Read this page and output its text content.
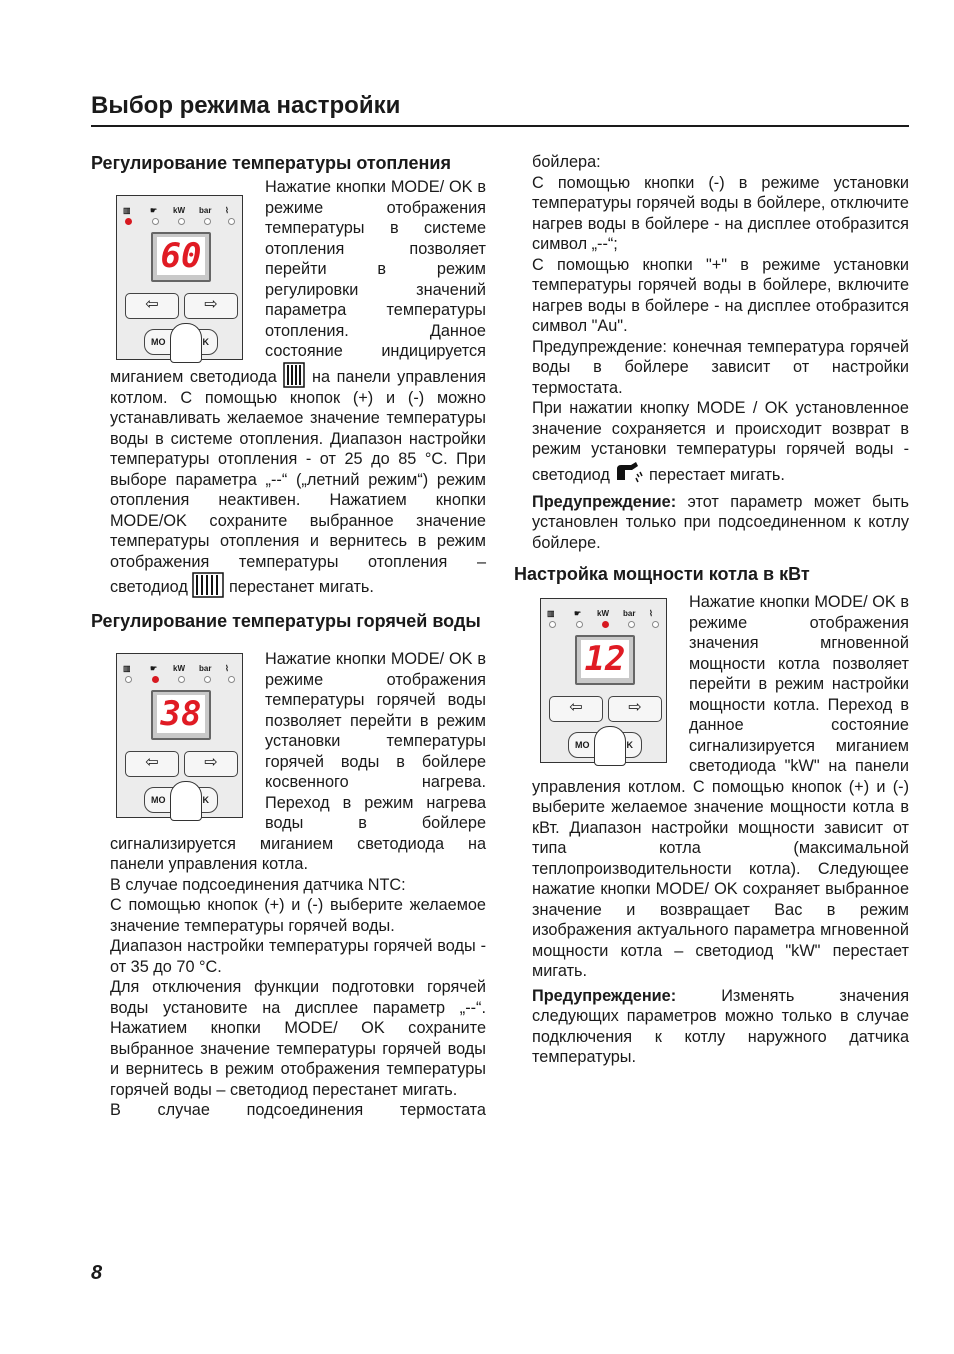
Выбор режима настройки

Регулирование температуры отопления

▥ ☛ kW bar ⌇
60
⇦	⇨
MO	K

Нажатие кнопки MODE/ OK в режиме отображения температуры в системе отопления позволяет перейти в режим регулировки значений параметра температуры отопления. Данное состояние индицируется миганием светодиода на панели управления котлом. С помощью кнопок (+) и (-) можно устанавливать желаемое значение температуры воды в системе отопления. Диапазон настройки температуры отопления - от 25 до 85 °C. При выборе параметра „--“ („летний режим“) режим отопления неактивен. Нажатием кнопки MODE/OK сохраните выбранное значение температуры отопления и вернитесь в режим отображения температуры отопления – светодиод	перестанет мигать.

Регулирование температуры горячей воды

▥ ☛ kW bar ⌇
38
⇦	⇨
MO	K

Нажатие кнопки MODE/ OK в режиме отображения температуры горячей воды позволяет перейти в режим установки температуры горячей воды в бойлере косвенного нагрева. Переход в режим нагрева воды в бойлере сигнализируется миганием светодиода на панели управления котла.

В случае подсоединения датчика NTC:

С помощью кнопок (+) и (-) выберите желаемое значение температуры горячей воды.

Диапазон настройки температуры горячей воды - от 35 до 70 °C.

Для отключения функции подготовки горячей воды установите на дисплее параметр „--“. Нажатием кнопки MODE/ OK сохраните выбранное значение температуры горячей воды и вернитесь в режим отображения температуры горячей воды – светодиод перестанет мигать.

В случае подсоединения термостата

бойлера:

С помощью кнопки (-) в режиме установки температуры горячей воды в бойлере, отключите нагрев воды в бойлере - на дисплее отобразится символ „--“;

С помощью кнопки "+" в режиме установки температуры горячей воды в бойлере, включите нагрев воды в бойлере - на дисплее отобразится символ "Au".

Предупреждение: конечная температура горячей воды в бойлере зависит от настройки термостата.

При нажатии кнопку MODE / OK установленное значение сохраняется и происходит возврат в режим установки температуры горячей воды - светодиод перестает мигать.

Предупреждение: этот параметр может быть установлен только при подсоединенном к котлу бойлере.

Настройка мощности котла в кВт

▥ ☛ kW bar ⌇
12
⇦	⇨
MO	K

Нажатие кнопки MODE/ OK в режиме отображения значения мгновенной мощности котла позволяет перейти в режим настройки мощности котла. Переход в данное состояние сигнализируется миганием светодиода "kW" на панели управления котлом. С помощью кнопок (+) и (-) выберите желаемое значение мощности котла в кВт. Диапазон настройки мощности зависит от типа котла (максимальной теплопроизводительности котла). Следующее нажатие кнопки MODE/ OK сохраняет выбранное значение и возвращает Вас в режим изображения актуального параметра мгновенной мощности котла – светодиод "kW" перестает мигать.

Предупреждение:	Изменять значения следующих параметров можно только в случае подключения к котлу наружного датчика температуры.

8
